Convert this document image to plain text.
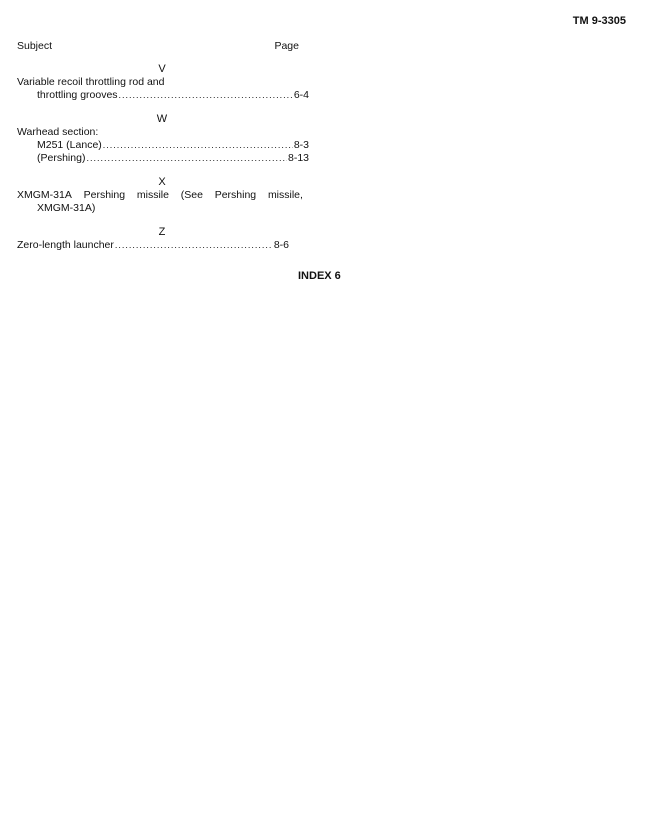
TM 9-3305
Subject	Page
V
Variable recoil throttling rod and
throttling grooves .....	6-4
W
Warhead section:
M251 (Lance) .....	8-3
(Pershing) .....	8-13
X
XMGM-31A Pershing missile (See Pershing missile,
XMGM-31A)
Z
Zero-length launcher .....	8-6
INDEX 6
